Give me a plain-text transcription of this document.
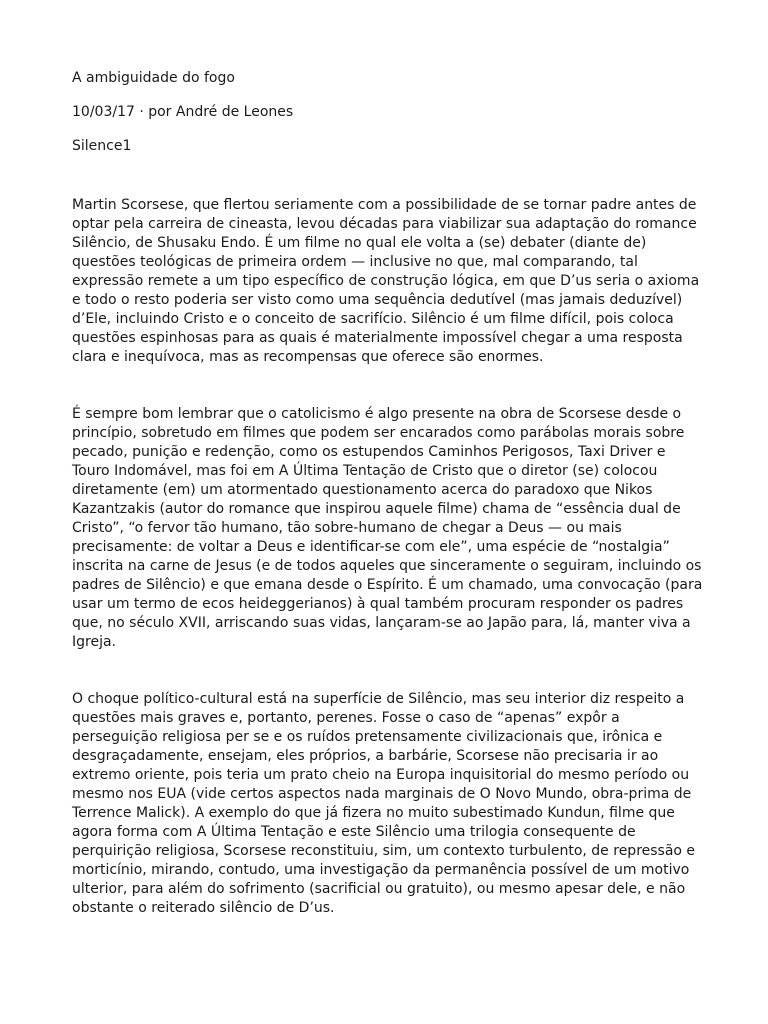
A ambiguidade do fogo

10/03/17 · por André de Leones

Silence1

Martin Scorsese, que flertou seriamente com a possibilidade de se tornar padre antes de
optar pela carreira de cineasta, levou décadas para viabilizar sua adaptação do romance
Silêncio, de Shusaku Endo. É um filme no qual ele volta a (se) debater (diante de)
questões teológicas de primeira ordem — inclusive no que, mal comparando, tal
expressão remete a um tipo específico de construção lógica, em que D’us seria o axioma
e todo o resto poderia ser visto como uma sequência dedutível (mas jamais deduzível)
d’Ele, incluindo Cristo e o conceito de sacrifício. Silêncio é um filme difícil, pois coloca
questões espinhosas para as quais é materialmente impossível chegar a uma resposta
clara e inequívoca, mas as recompensas que oferece são enormes.

É sempre bom lembrar que o catolicismo é algo presente na obra de Scorsese desde o
princípio, sobretudo em filmes que podem ser encarados como parábolas morais sobre
pecado, punição e redenção, como os estupendos Caminhos Perigosos, Taxi Driver e
Touro Indomável, mas foi em A Última Tentação de Cristo que o diretor (se) colocou
diretamente (em) um atormentado questionamento acerca do paradoxo que Nikos
Kazantzakis (autor do romance que inspirou aquele filme) chama de “essência dual de
Cristo”, “o fervor tão humano, tão sobre-humano de chegar a Deus — ou mais
precisamente: de voltar a Deus e identificar-se com ele”, uma espécie de “nostalgia”
inscrita na carne de Jesus (e de todos aqueles que sinceramente o seguiram, incluindo os
padres de Silêncio) e que emana desde o Espírito. É um chamado, uma convocação (para
usar um termo de ecos heideggerianos) à qual também procuram responder os padres
que, no século XVII, arriscando suas vidas, lançaram-se ao Japão para, lá, manter viva a
Igreja.

O choque político-cultural está na superfície de Silêncio, mas seu interior diz respeito a
questões mais graves e, portanto, perenes. Fosse o caso de “apenas” expôr a
perseguição religiosa per se e os ruídos pretensamente civilizacionais que, irônica e
desgraçadamente, ensejam, eles próprios, a barbárie, Scorsese não precisaria ir ao
extremo oriente, pois teria um prato cheio na Europa inquisitorial do mesmo período ou
mesmo nos EUA (vide certos aspectos nada marginais de O Novo Mundo, obra-prima de
Terrence Malick). A exemplo do que já fizera no muito subestimado Kundun, filme que
agora forma com A Última Tentação e este Silêncio uma trilogia consequente de
perquirição religiosa, Scorsese reconstituiu, sim, um contexto turbulento, de repressão e
morticínio, mirando, contudo, uma investigação da permanência possível de um motivo
ulterior, para além do sofrimento (sacrificial ou gratuito), ou mesmo apesar dele, e não
obstante o reiterado silêncio de D’us.
